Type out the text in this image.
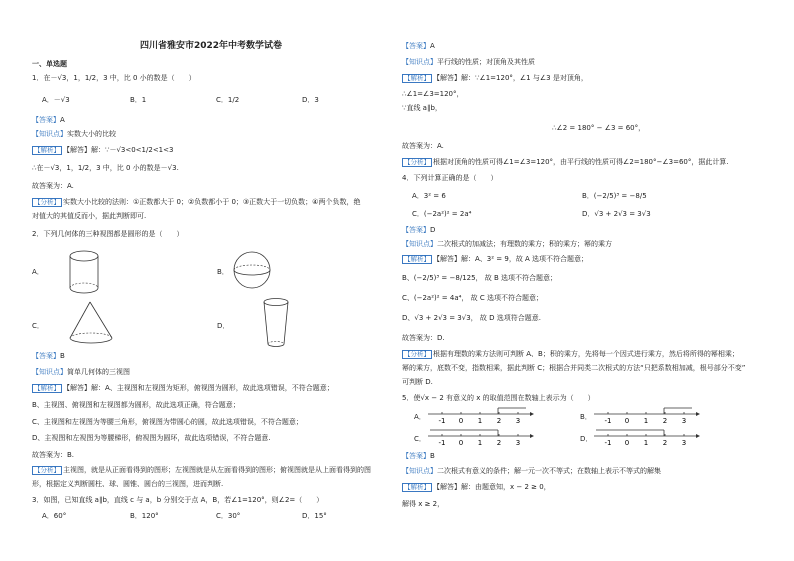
四川省雅安市2022年中考数学试卷
一、单选题
1．在－√3，1，1/2，3 中，比 0 小的数是（　　）
A．－√3	B．1	C．1/2	D．3
【答案】A
【知识点】实数大小的比较
【解析】 【解答】解：∵－√3<0<1/2<1<3
∴在－√3，1，1/2，3 中，比 0 小的数是－√3.
故答案为：A.
【分析】 实数大小比较的法则：①正数都大于 0；②负数都小于 0；③正数大于一切负数；④两个负数，绝
对值大的其值反而小，据此判断即可.
2．下列几何体的三种视图都是圆形的是（　　）
A．	B．
C．	D．
【答案】B
【知识点】简单几何体的三视图
【解析】 【解答】解：A、主视图和左视图为矩形，俯视图为圆形，故此选项错误，不符合题意；
B、主视图、俯视图和左视图都为圆形，故此选项正确，符合题意；
C、主视图和左视图为等腰三角形，俯视图为带圆心的圆，故此选项错误，不符合题意；
D、主视图和左视图为等腰梯形，俯视图为圆环，故此选项错误，不符合题意.
故答案为：B.
【分析】 主视图，就是从正面看得到的图形；左视图就是从左面看得到的图形；俯视图就是从上面看得到的图
形，根据定义判断圆柱、球、圆锥、圆台的三视图，进而判断.
3．如图，已知直线 a∥b，直线 c 与 a，b 分别交于点 A，B，若∠1=120°，则∠2=（　　）
A．60°	B．120°	C．30°	D．15°
【答案】A
【知识点】平行线的性质；对顶角及其性质
【解析】 【解答】解：∵∠1=120°，∠1 与∠3 是对顶角，
∴∠1=∠3=120°，
∵直线 a∥b，
∴∠2 = 180° − ∠3 = 60°，
故答案为：A.
【分析】 根据对顶角的性质可得∠1=∠3=120°，由平行线的性质可得∠2=180°−∠3=60°，据此计算.
4．下列计算正确的是（　　）
A．3² = 6	B．(−2/5)³ = −8/5
C．(−2a²)² = 2a⁴	D．√3 + 2√3 = 3√3
【答案】D
【知识点】二次根式的加减法；有理数的乘方；积的乘方；幂的乘方
【解析】 【解答】解：A、3² = 9，故 A 选项不符合题意；
B、(−2/5)³ = −8/125， 故 B 选项不符合题意；
C、(−2a²)² = 4a⁴， 故 C 选项不符合题意；
D、√3 + 2√3 = 3√3， 故 D 选项符合题意.
故答案为：D.
【分析】 根据有理数的乘方法则可判断 A、B；积的乘方，先将每一个因式进行乘方，然后将所得的幂相乘；
幂的乘方，底数不变，指数相乘，据此判断 C；根据合并同类二次根式的方法“只把系数相加减，根号部分不变”
可判断 D.
5．使√x − 2 有意义的 x 的取值范围在数轴上表示为（　　）
A．	B．
C．	D．
-1 0 1 2 3	-1 0 1 2 3
-1 0 1 2 3	-1 0 1 2 3
【答案】B
【知识点】二次根式有意义的条件；解一元一次不等式；在数轴上表示不等式的解集
【解析】 【解答】解：由题意知，x − 2 ≥ 0，
解得 x ≥ 2，
